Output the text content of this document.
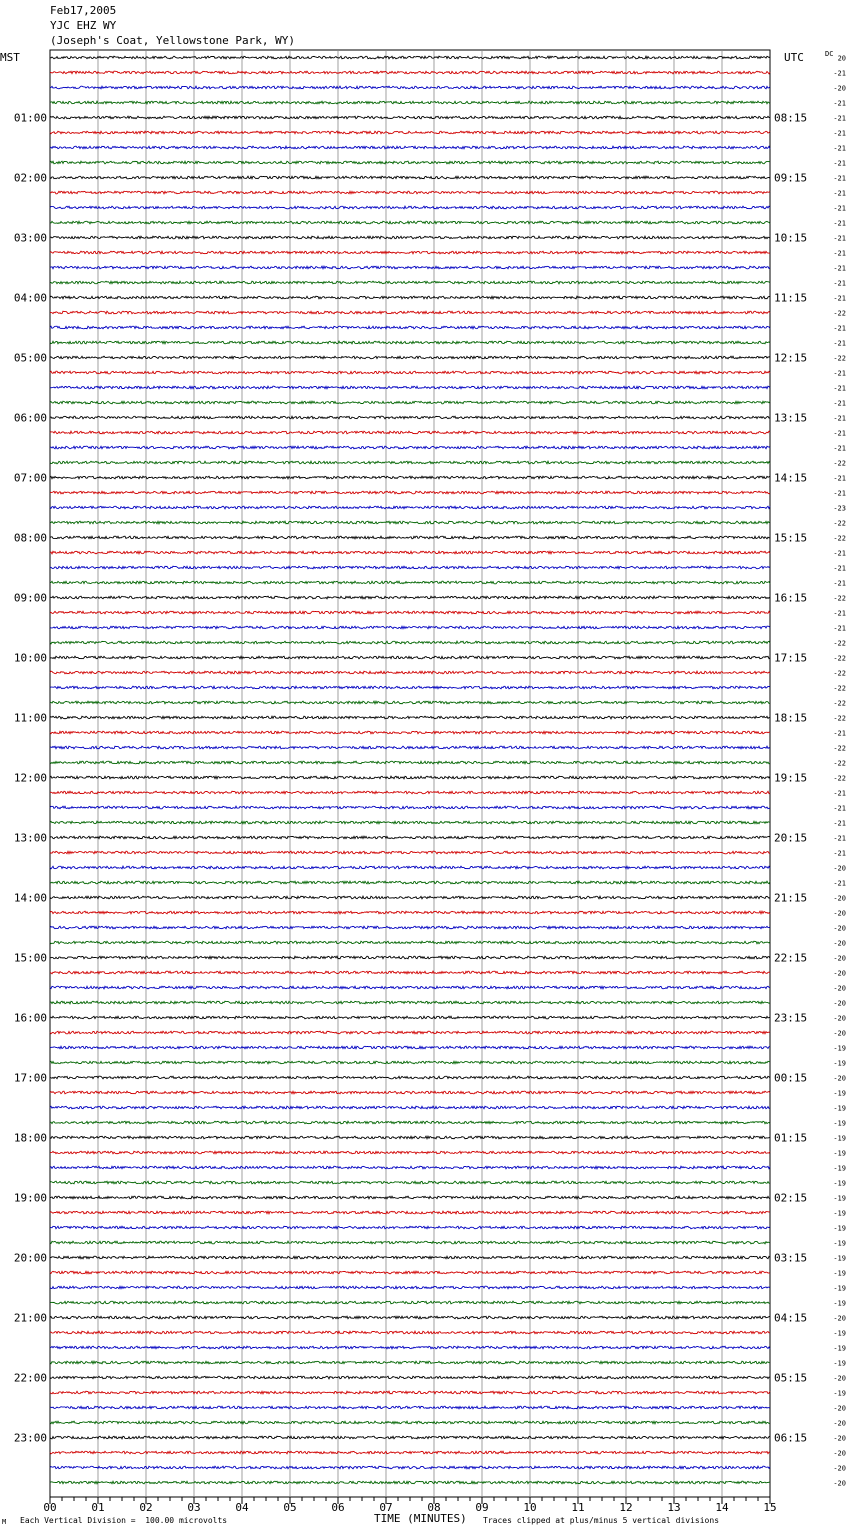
Feb17,2005
YJC EHZ WY
(Joseph's Coat, Yellowstone Park, WY)
MST	UTC	DC
01:00
02:00
03:00
04:00
05:00
06:00
07:00
08:00
09:00
10:00
11:00
12:00
13:00
14:00
15:00
16:00
17:00
18:00
19:00
20:00
21:00
22:00
23:00
08:15
09:15
10:15
11:15
12:15
13:15
14:15
15:15
16:15
17:15
18:15
19:15
20:15
21:15
22:15
23:15
00:15
01:15
02:15
03:15
04:15
05:15
06:15
20
-21
-20
-21
-21
-21
-21
-21
-21
-21
-21
-21
-21
-21
-21
-21
-21
-22
-21
-21
-22
-21
-21
-21
-21
-21
-21
-22
-21
-21
-23
-22
-22
-21
-21
-21
-22
-21
-21
-22
-22
-22
-22
-22
-22
-21
-22
-22
-22
-21
-21
-21
-21
-21
-20
-21
-20
-20
-20
-20
-20
-20
-20
-20
-20
-20
-19
-19
-20
-19
-19
-19
-19
-19
-19
-19
-19
-19
-19
-19
-19
-19
-19
-19
-20
-19
-19
-19
-20
-19
-20
-20
-20
-20
-20
-20
00	01	02	03	04	05	06	07	08	09	10	11	12	13	14	15
M Each Vertical Division =  100.00 microvolts	TIME (MINUTES) Traces clipped at plus/minus 5 vertical divisions
